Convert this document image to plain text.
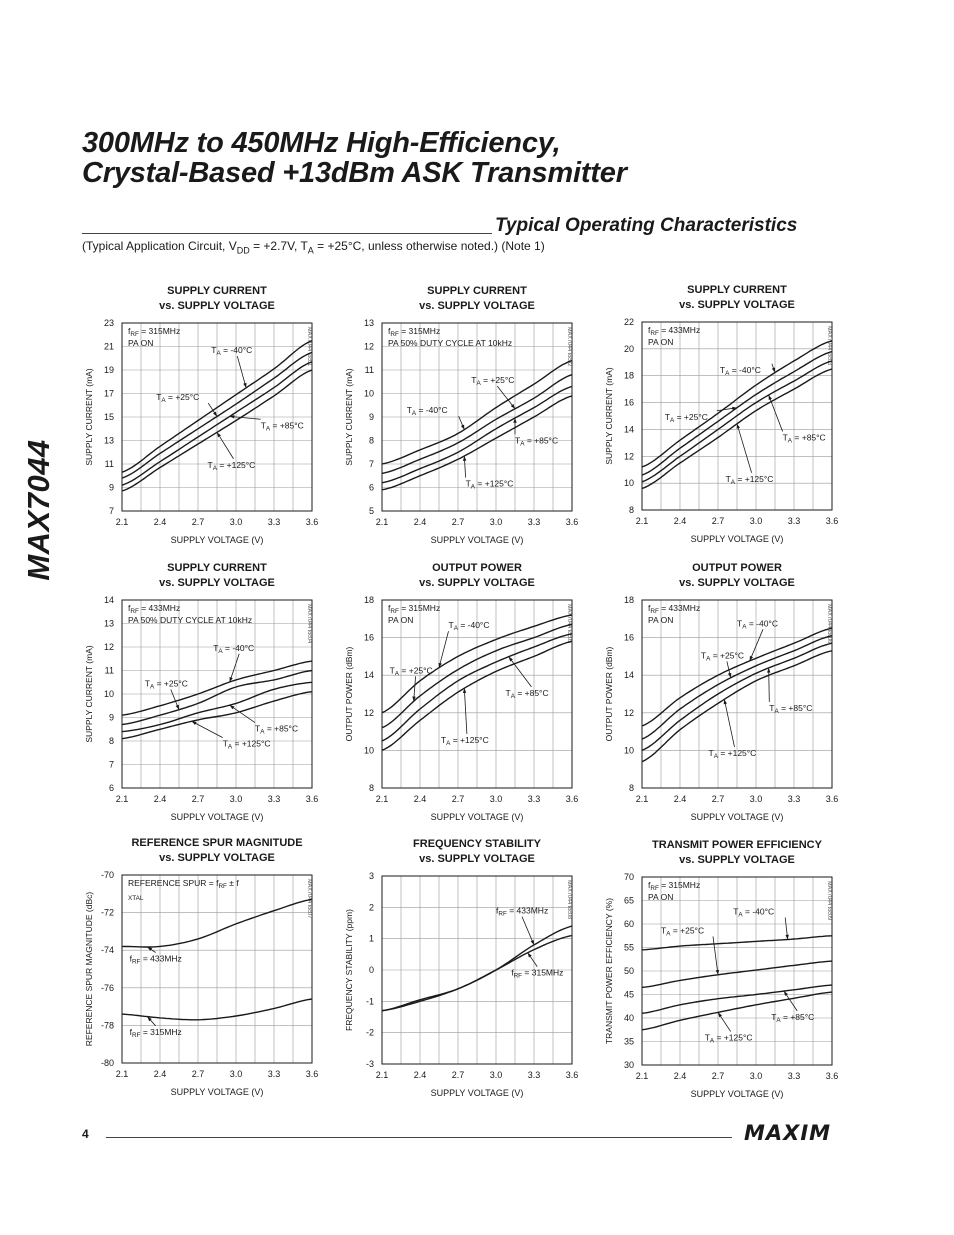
MAX7044
300MHz to 450MHz High-Efficiency,
Crystal-Based +13dBm ASK Transmitter
Typical Operating Characteristics
(Typical Application Circuit, $V_{DD} = +2.7V$, $T_A = +25^\circ C$, unless otherwise noted.) (Note 1)
SUPPLY CURRENT
vs. SUPPLY VOLTAGE
2.1	2.4	2.7	3.0	3.3	3.6
7
9
11
13
15
17
19
21
23
SUPPLY VOLTAGE (V)
SUPPLY CURRENT (mA)
MAX7044 toc01
$f_{RF} = 315MHz$
PA ON
$T_A = -40^\circ C$
$T_A = +25^\circ C$
$T_A = +85^\circ C$
$T_A = +125^\circ C$
SUPPLY CURRENT
vs. SUPPLY VOLTAGE
2.1	2.4	2.7	3.0	3.3	3.6
5
6
7
8
9
10
11
12
13
SUPPLY VOLTAGE (V)
SUPPLY CURRENT (mA)
MAX7044 toc02
$f_{RF} = 315MHz$
PA 50% DUTY CYCLE AT 10kHz
$T_A = -40^\circ C$
$T_A = +25^\circ C$
$T_A = +85^\circ C$
$T_A = +125^\circ C$
SUPPLY CURRENT
vs. SUPPLY VOLTAGE
2.1	2.4	2.7	3.0	3.3	3.6
8
10
12
14
16
18
20
22
SUPPLY VOLTAGE (V)
SUPPLY CURRENT (mA)
MAX7044 toc03
$f_{RF} = 433MHz$
PA ON
$T_A = -40^\circ C$
$T_A = +25^\circ C$
$T_A = +85^\circ C$
$T_A = +125^\circ C$
SUPPLY CURRENT
vs. SUPPLY VOLTAGE
2.1	2.4	2.7	3.0	3.3	3.6
6
7
8
9
10
11
12
13
14
SUPPLY VOLTAGE (V)
SUPPLY CURRENT (mA)
MAX7044 toc04
$f_{RF} = 433MHz$
PA 50% DUTY CYCLE AT 10kHz
$T_A = -40^\circ C$
$T_A = +25^\circ C$
$T_A = +85^\circ C$
$T_A = +125^\circ C$
OUTPUT POWER
vs. SUPPLY VOLTAGE
2.1	2.4	2.7	3.0	3.3	3.6
8
10
12
14
16
18
SUPPLY VOLTAGE (V)
OUTPUT POWER (dBm)
MAX7044 toc05
$f_{RF} = 315MHz$
PA ON
$T_A = -40^\circ C$
$T_A = +25^\circ C$
$T_A = +85^\circ C$
$T_A = +125^\circ C$
OUTPUT POWER
vs. SUPPLY VOLTAGE
2.1	2.4	2.7	3.0	3.3	3.6
8
10
12
14
16
18
SUPPLY VOLTAGE (V)
OUTPUT POWER (dBm)
MAX7044 toc06
$f_{RF} = 433MHz$
PA ON	$T_A = -40^\circ C$
$T_A = +25^\circ C$
$T_A = +85^\circ C$
$T_A = +125^\circ C$
REFERENCE SPUR MAGNITUDE
vs. SUPPLY VOLTAGE
2.1	2.4	2.7	3.0	3.3	3.6
-80
-78
-76
-74
-72
-70
SUPPLY VOLTAGE (V)
REFERENCE SPUR MAGNITUDE (dBc)	MAX7044 toc07
REFERENCE SPUR = $f_{RF} \pm f$
$_{XTAL}$
$f_{RF} = 433MHz$
$f_{RF} = 315MHz$
FREQUENCY STABILITY
vs. SUPPLY VOLTAGE
2.1	2.4	2.7	3.0	3.3	3.6
-3
-2
-1
0
1
2
3
SUPPLY VOLTAGE (V)
FREQUENCY STABILITY (ppm)
MAX7044 toc08
$f_{RF} = 433MHz$
$f_{RF} = 315MHz$
TRANSMIT POWER EFFICIENCY
vs. SUPPLY VOLTAGE
2.1	2.4	2.7	3.0	3.3	3.6
30
35
40
45
50
55
60
65
70
SUPPLY VOLTAGE (V)
TRANSMIT POWER EFFICIENCY (%)	MAX7044 toc09
$f_{RF} = 315MHz$
PA ON
$T_A = -40^\circ C$
$T_A = +25^\circ C$
$T_A = +85^\circ C$
$T_A = +125^\circ C$
4	MAXIM
